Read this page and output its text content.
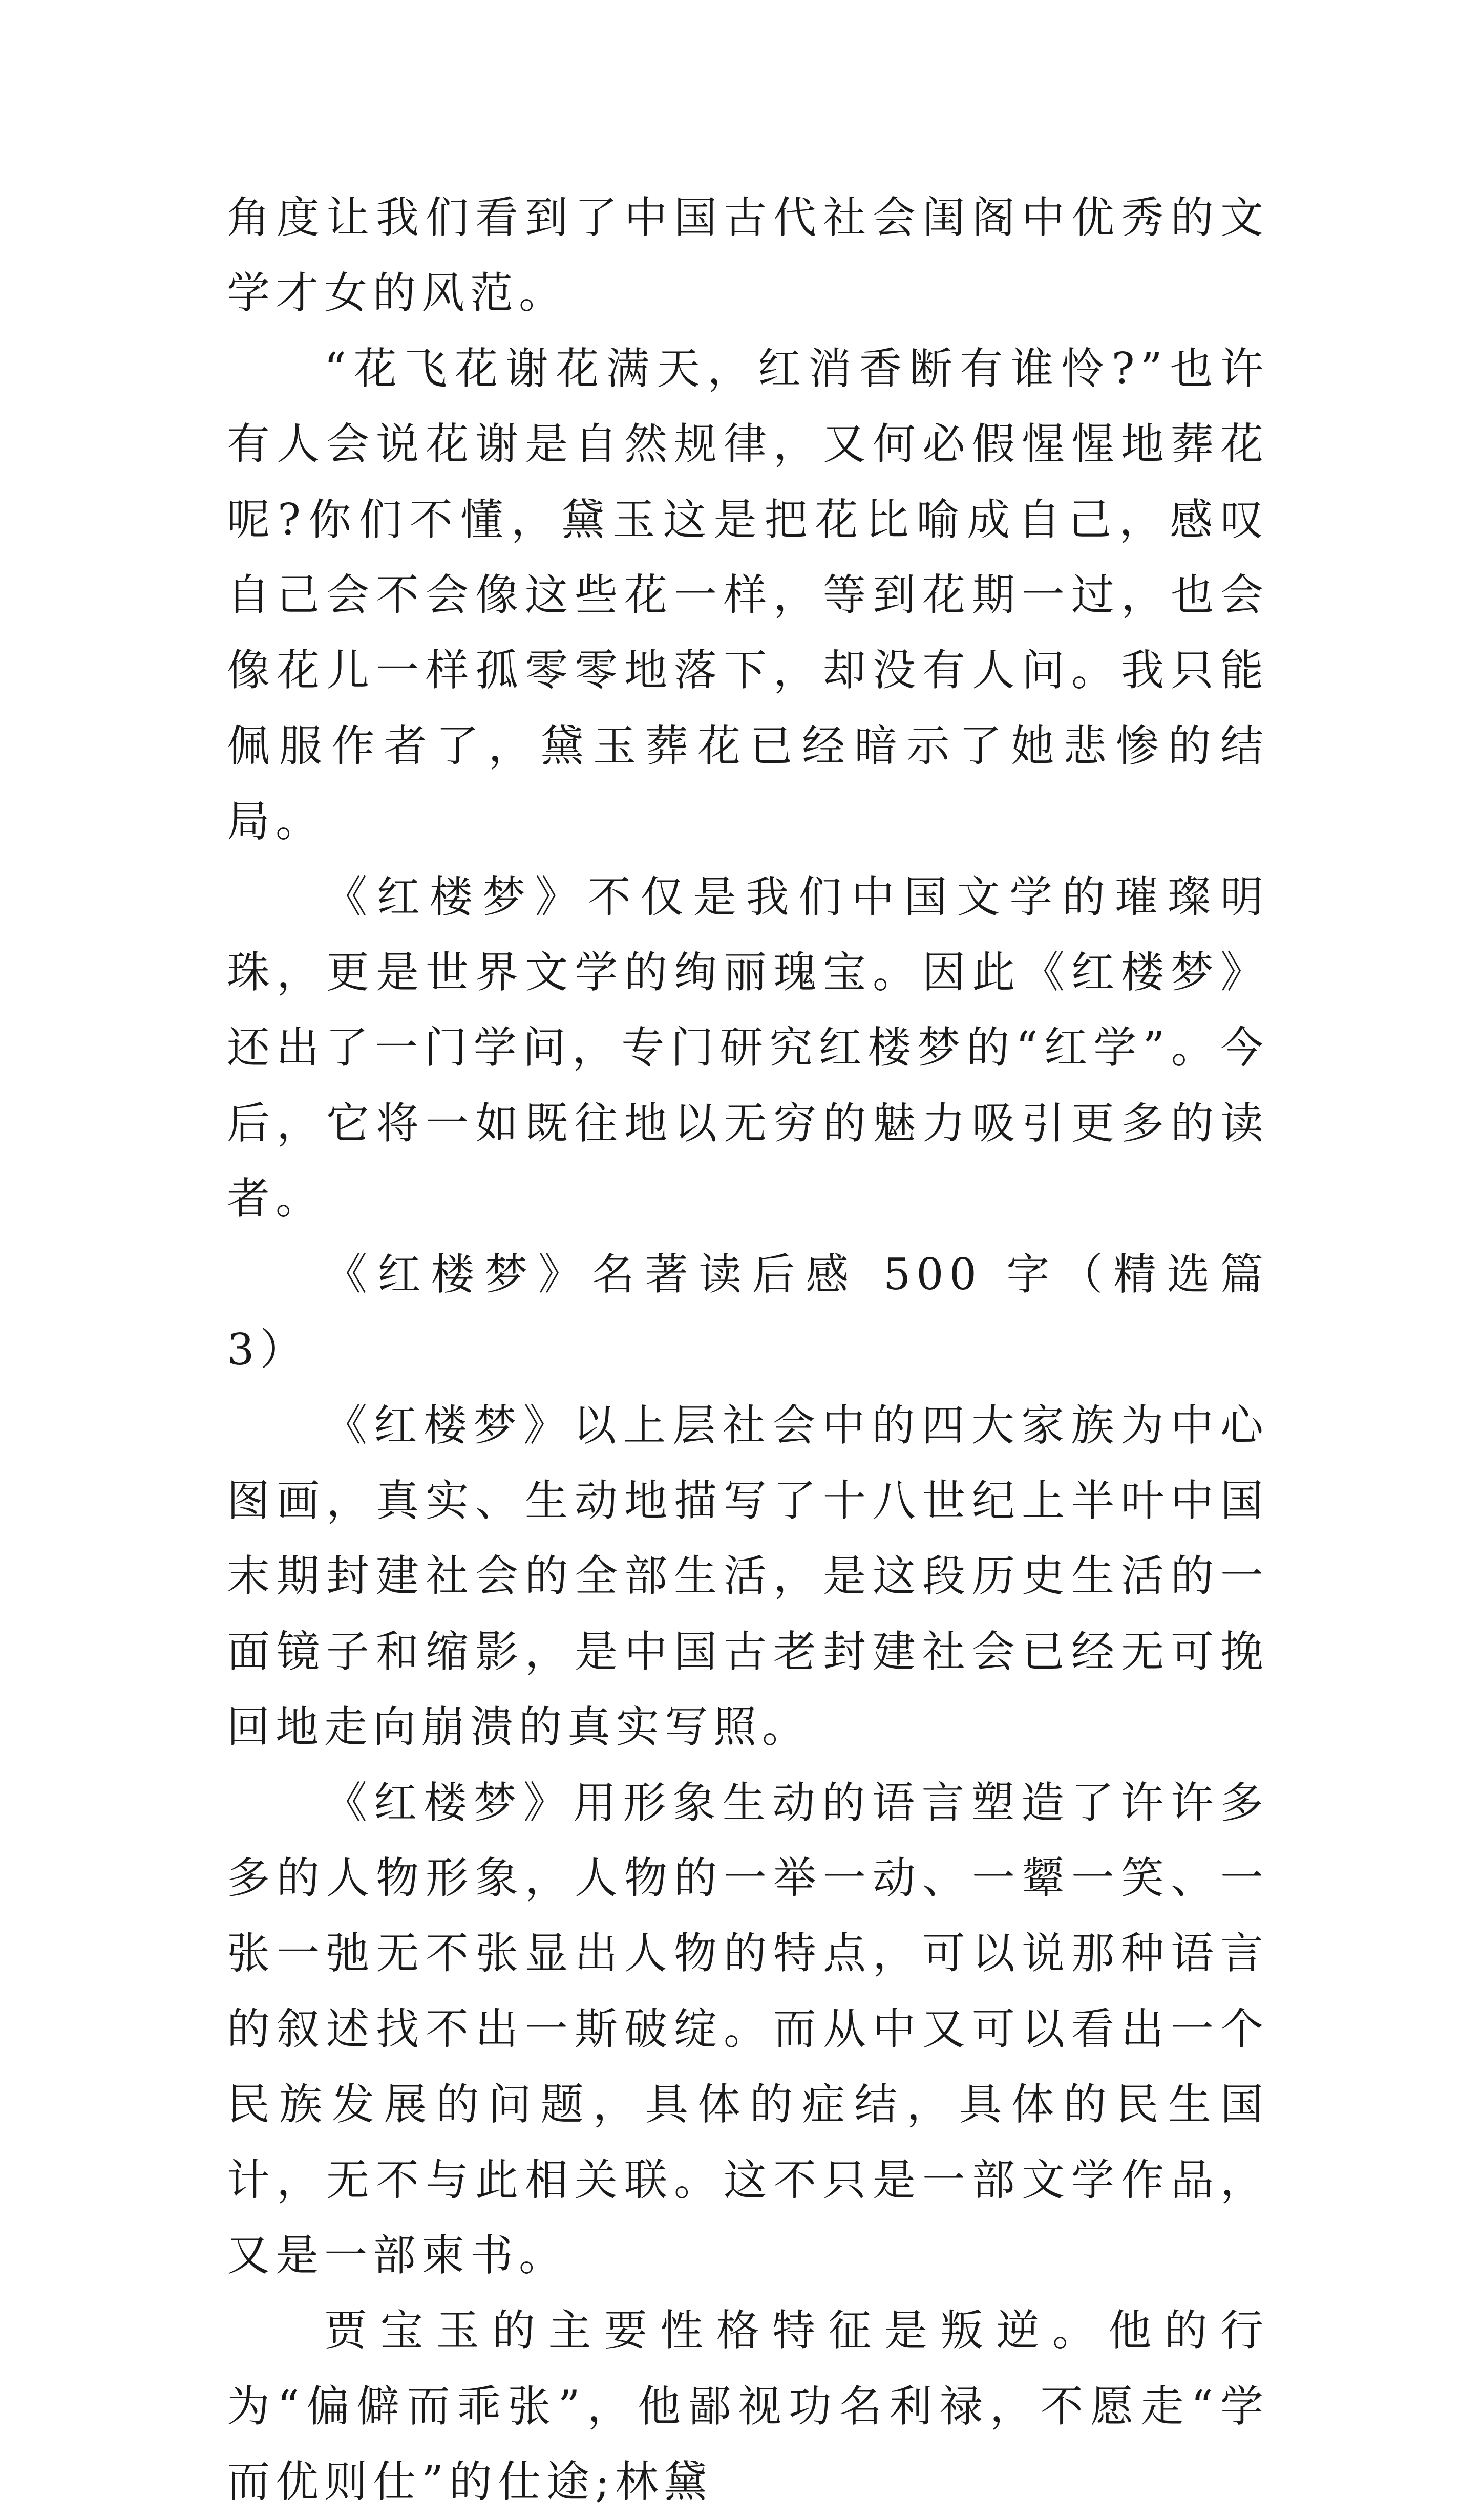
角度让我们看到了中国古代社会闺阁中优秀的文学才女的风范。

“花飞花谢花满天，红消香断有谁怜?”也许有人会说花谢是自然规律，又何必假惺惺地葬花呢?你们不懂，黛玉这是把花比喻成自己，感叹自己会不会像这些花一样，等到花期一过，也会像花儿一样孤零零地落下，却没有人问。我只能佩服作者了，黛玉葬花已经暗示了她悲惨的结局。

《红楼梦》不仅是我们中国文学的璀璨明珠，更是世界文学的绚丽瑰宝。因此《红楼梦》还出了一门学问，专门研究红楼梦的“红学”。今后，它将一如既往地以无穷的魅力吸引更多的读者。

《红楼梦》名著读后感 500 字（精选篇 3）

《红楼梦》以上层社会中的四大家族为中心图画，真实、生动地描写了十八世纪上半叶中国末期封建社会的全部生活，是这段历史生活的一面镜子和缩影，是中国古老封建社会已经无可挽回地走向崩溃的真实写照。

《红楼梦》用形象生动的语言塑造了许许多多的人物形象，人物的一举一动、一颦一笑、一张一弛无不张显出人物的特点，可以说那种语言的叙述找不出一斯破绽。而从中又可以看出一个民族发展的问题，具体的症结，具体的民生国计，无不与此相关联。这不只是一部文学作品，又是一部柬书。

贾宝玉的主要性格特征是叛逆。他的行为“偏僻而乖张”，他鄙视功名利禄，不愿走“学而优则仕”的仕途;林黛
